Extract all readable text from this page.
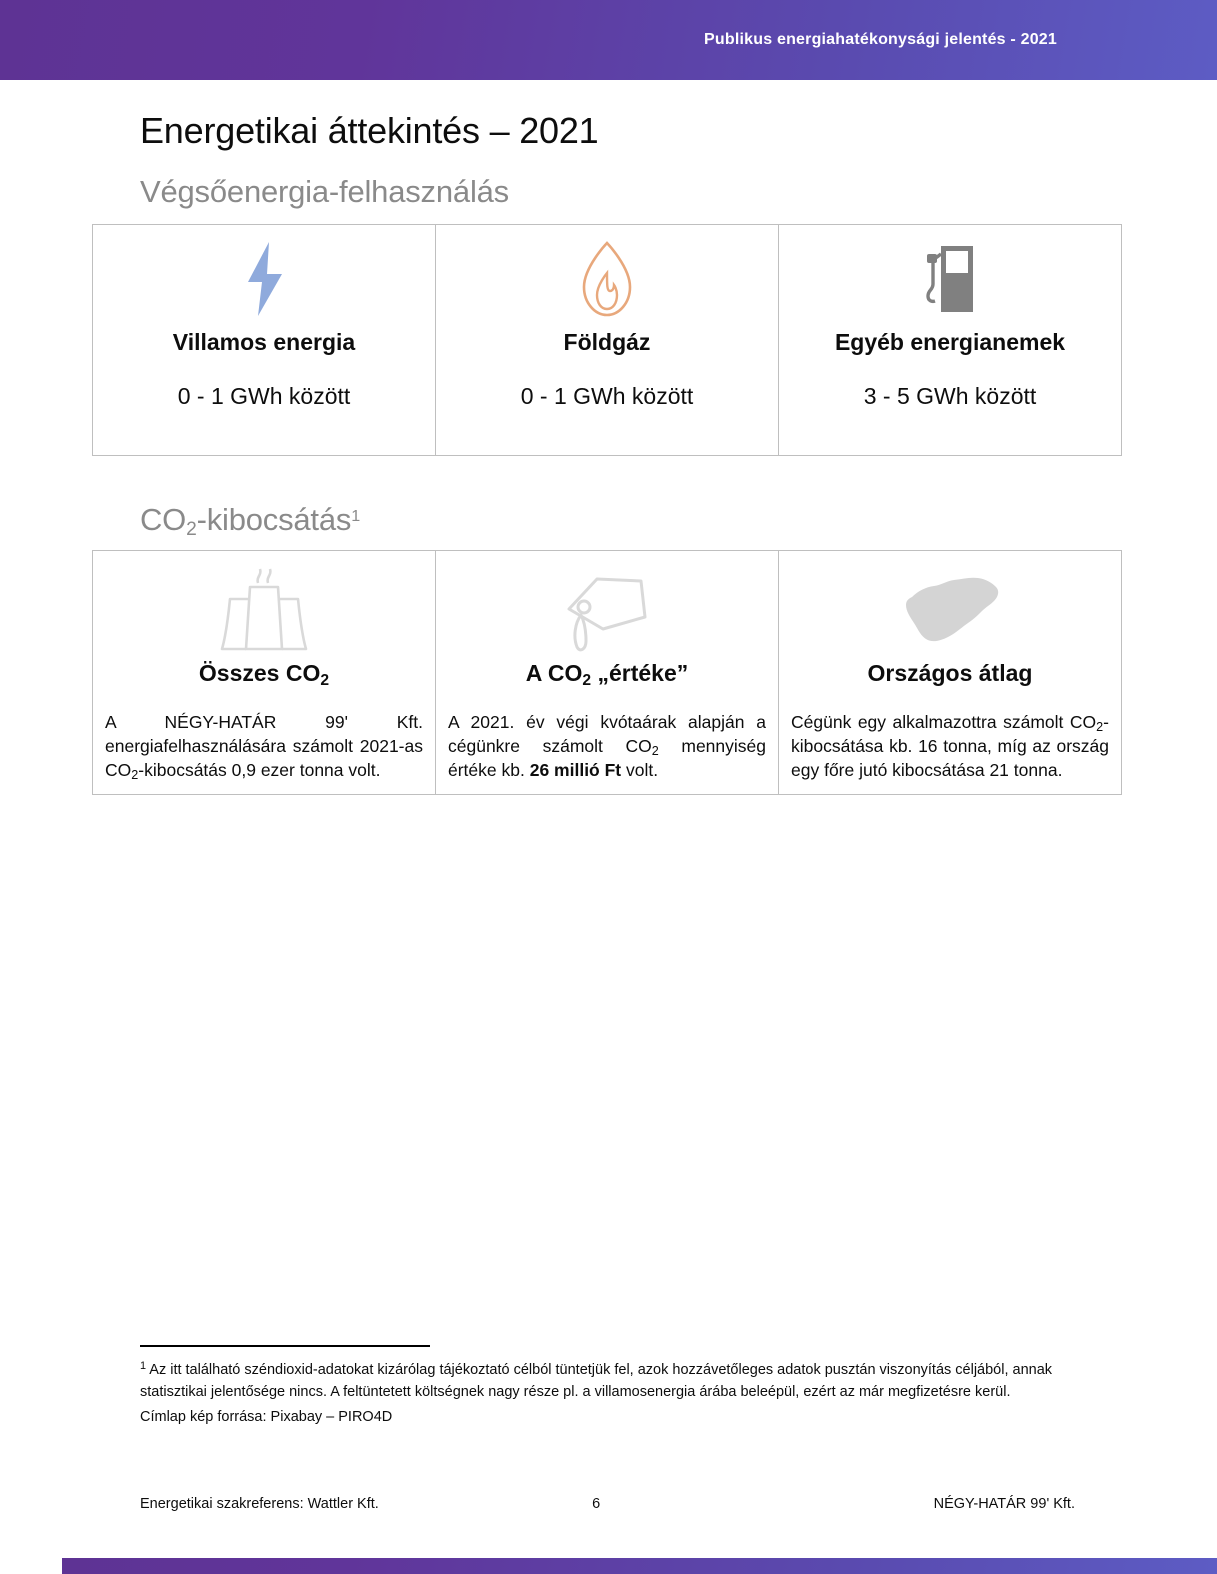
Publikus energiahatékonysági jelentés - 2021
Energetikai áttekintés – 2021
Végsőenergia-felhasználás
Villamos energia
0 - 1 GWh között

Földgáz
0 - 1 GWh között

Egyéb energianemek
3 - 5 GWh között
$CO_2-kibocsátás^1$
Összes $CO_2$
A NÉGY-HATÁR 99' Kft. energiafelhasználására számolt 2021-as $CO_2$-kibocsátás 0,9 ezer tonna volt.

A $CO_2$ „értéke”
A 2021. év végi kvótaárak alapján a cégünkre számolt $CO_2$ mennyiség értéke kb. 26 millió Ft volt.

Országos átlag
Cégünk egy alkalmazottra számolt $CO_2$-kibocsátása kb. 16 tonna, míg az ország egy főre jutó kibocsátása 21 tonna.
$^1$ Az itt található széndioxid-adatokat kizárólag tájékoztató célból tüntetjük fel, azok hozzávetőleges adatok pusztán viszonyítás céljából, annak statisztikai jelentősége nincs. A feltüntetett költségnek nagy része pl. a villamosenergia árába beleépül, ezért az már megfizetésre kerül.
Címlap kép forrása: Pixabay – PIRO4D
Energetikai szakreferens: Wattler Kft.	6	NÉGY-HATÁR 99' Kft.
